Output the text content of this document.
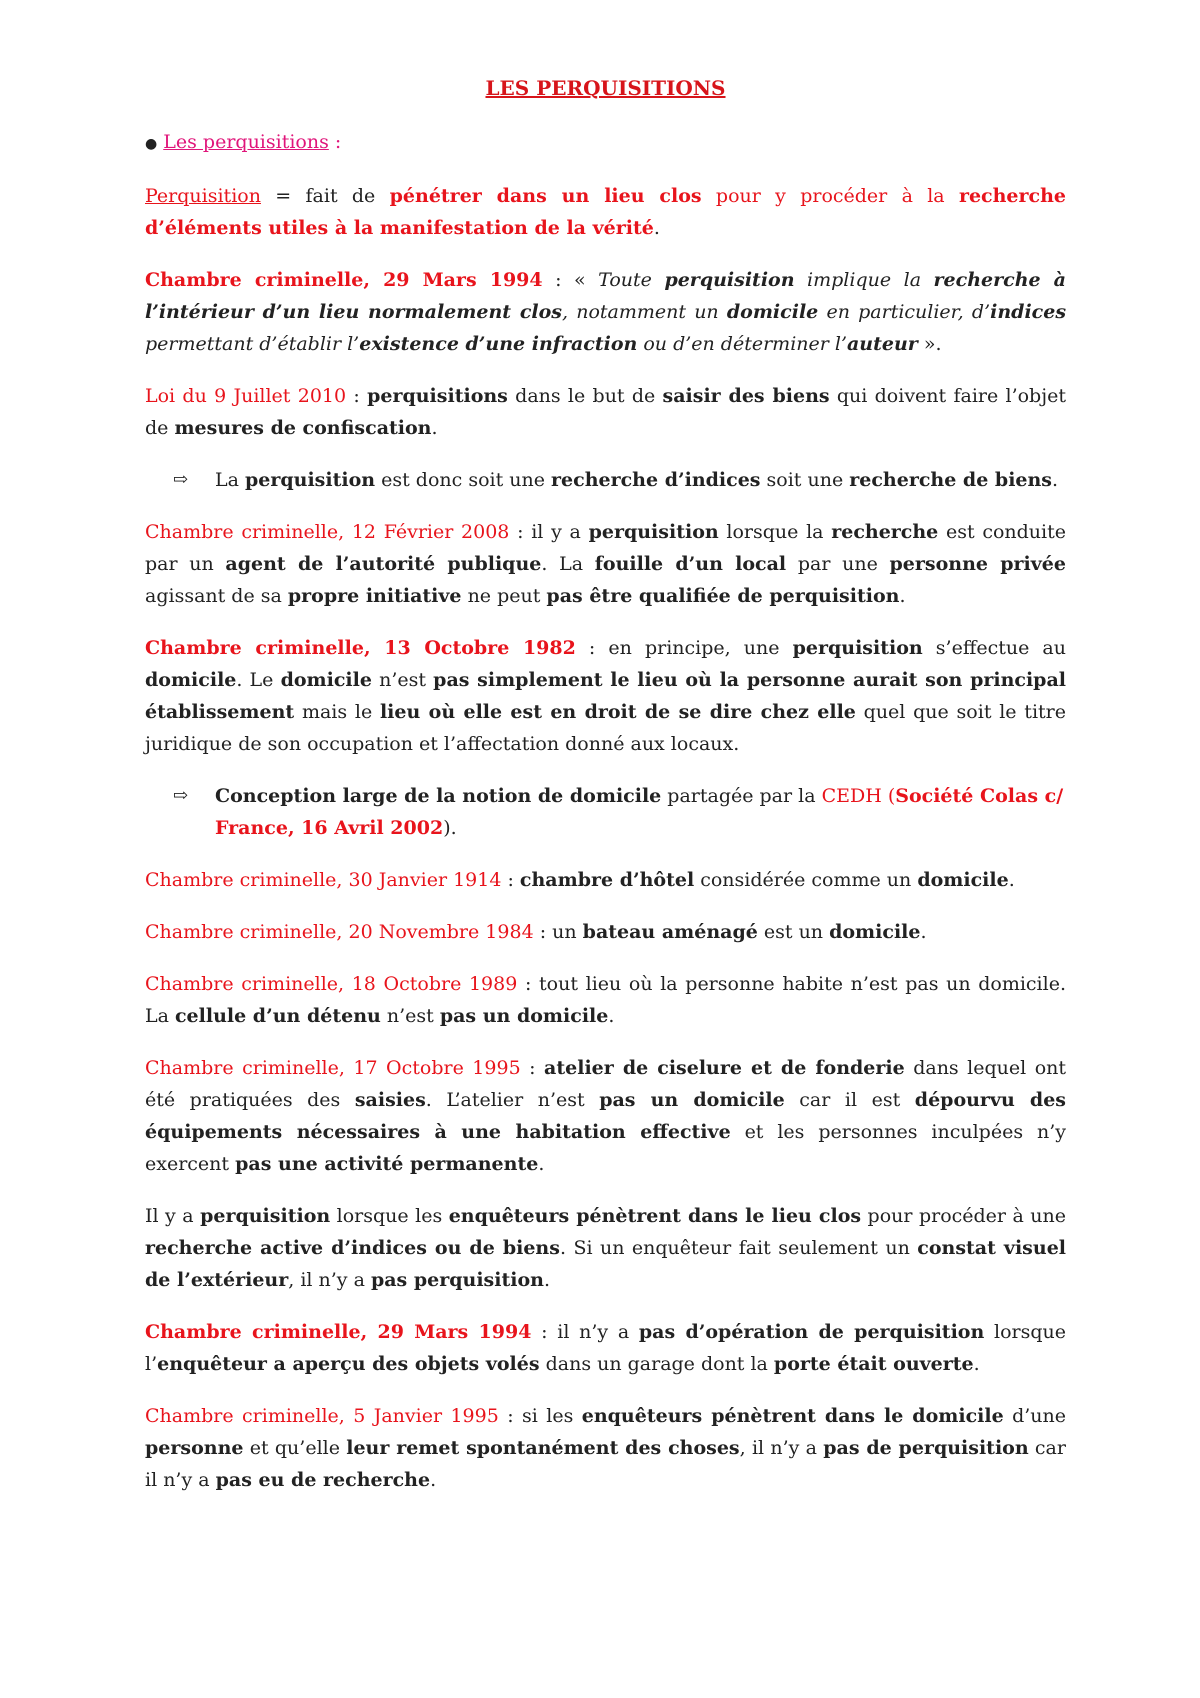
LES PERQUISITIONS

● Les perquisitions :

Perquisition = fait de pénétrer dans un lieu clos pour y procéder à la recherche d’éléments utiles à la manifestation de la vérité.

Chambre criminelle, 29 Mars 1994 : « Toute perquisition implique la recherche à l’intérieur d’un lieu normalement clos, notamment un domicile en particulier, d’indices permettant d’établir l’existence d’une infraction ou d’en déterminer l’auteur ».

Loi du 9 Juillet 2010 : perquisitions dans le but de saisir des biens qui doivent faire l’objet de mesures de confiscation.

⇨	La perquisition est donc soit une recherche d’indices soit une recherche de biens.

Chambre criminelle, 12 Février 2008 : il y a perquisition lorsque la recherche est conduite par un agent de l’autorité publique. La fouille d’un local par une personne privée agissant de sa propre initiative ne peut pas être qualifiée de perquisition.

Chambre criminelle, 13 Octobre 1982 : en principe, une perquisition s’effectue au domicile. Le domicile n’est pas simplement le lieu où la personne aurait son principal établissement mais le lieu où elle est en droit de se dire chez elle quel que soit le titre juridique de son occupation et l’affectation donné aux locaux.

⇨	Conception large de la notion de domicile partagée par la CEDH (Société Colas c/ France, 16 Avril 2002).

Chambre criminelle, 30 Janvier 1914 : chambre d’hôtel considérée comme un domicile.

Chambre criminelle, 20 Novembre 1984 : un bateau aménagé est un domicile.

Chambre criminelle, 18 Octobre 1989 : tout lieu où la personne habite n’est pas un domicile. La cellule d’un détenu n’est pas un domicile.

Chambre criminelle, 17 Octobre 1995 : atelier de ciselure et de fonderie dans lequel ont été pratiquées des saisies. L’atelier n’est pas un domicile car il est dépourvu des équipements nécessaires à une habitation effective et les personnes inculpées n’y exercent pas une activité permanente.

Il y a perquisition lorsque les enquêteurs pénètrent dans le lieu clos pour procéder à une recherche active d’indices ou de biens. Si un enquêteur fait seulement un constat visuel de l’extérieur, il n’y a pas perquisition.

Chambre criminelle, 29 Mars 1994 : il n’y a pas d’opération de perquisition lorsque l’enquêteur a aperçu des objets volés dans un garage dont la porte était ouverte.

Chambre criminelle, 5 Janvier 1995 : si les enquêteurs pénètrent dans le domicile d’une personne et qu’elle leur remet spontanément des choses, il n’y a pas de perquisition car il n’y a pas eu de recherche.
